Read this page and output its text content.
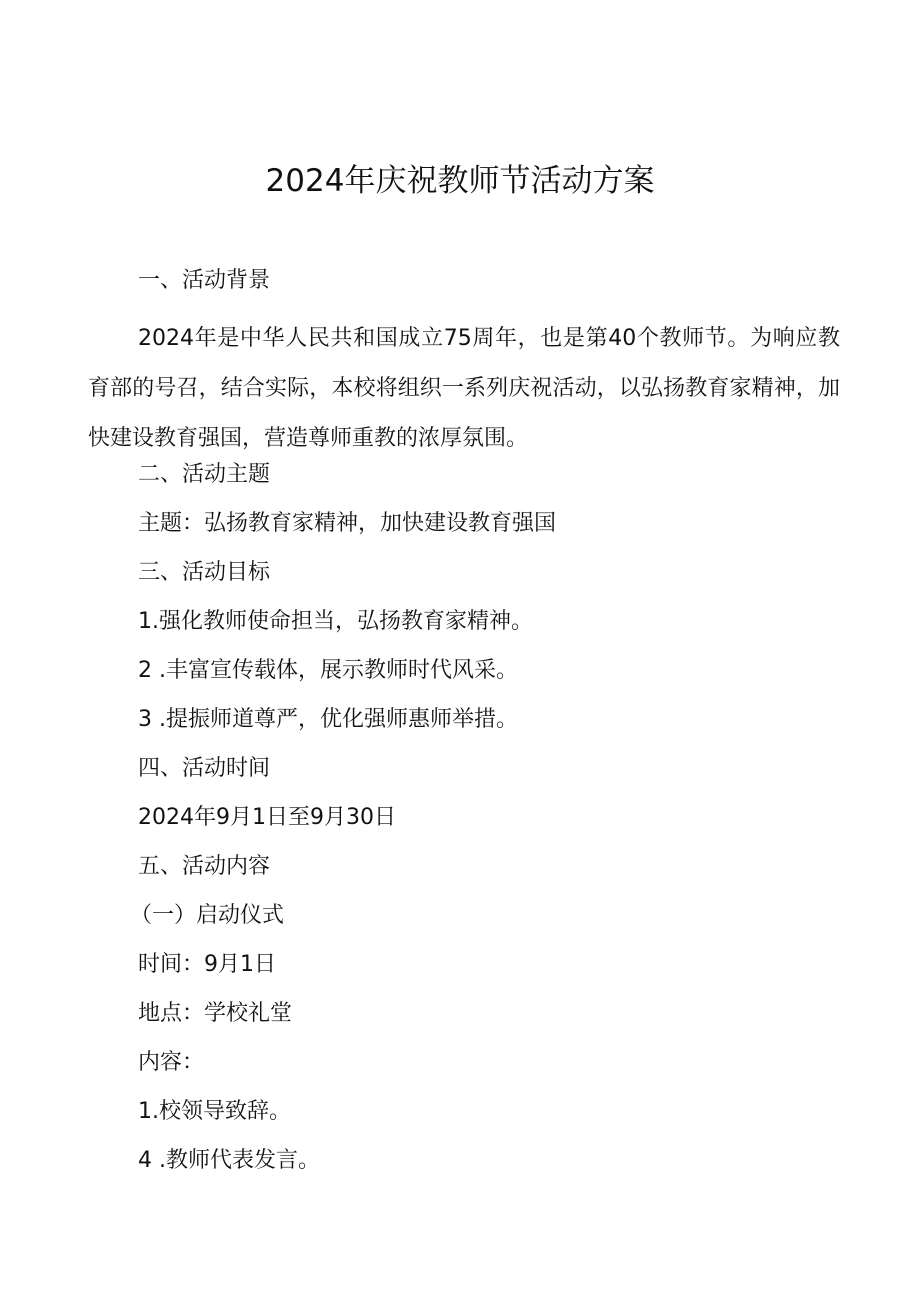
2024年庆祝教师节活动方案
一、活动背景
2024年是中华人民共和国成立75周年，也是第40个教师节。为响应教育部的号召，结合实际，本校将组织一系列庆祝活动，以弘扬教育家精神，加快建设教育强国，营造尊师重教的浓厚氛围。
二、活动主题
主题：弘扬教育家精神，加快建设教育强国
三、活动目标
1.强化教师使命担当，弘扬教育家精神。
2 .丰富宣传载体，展示教师时代风采。
3 .提振师道尊严，优化强师惠师举措。
四、活动时间
2024年9月1日至9月30日
五、活动内容
（一）启动仪式
时间：9月1日
地点：学校礼堂
内容：
1.校领导致辞。
4 .教师代表发言。
